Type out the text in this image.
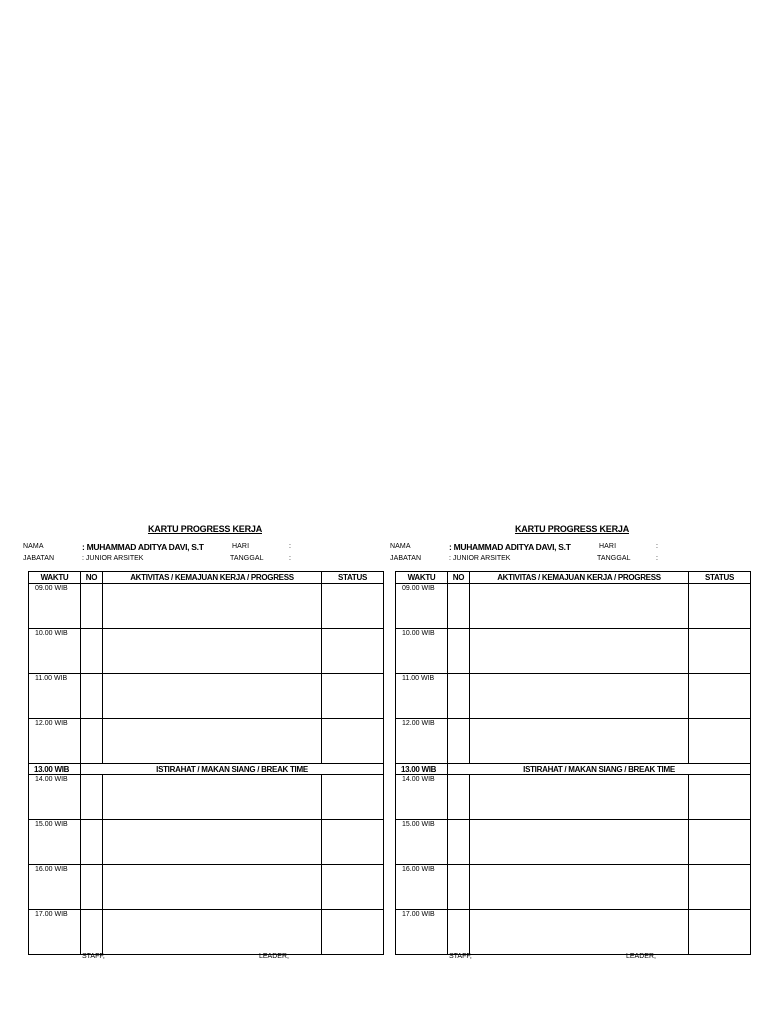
KARTU PROGRESS KERJA
NAMA	: MUHAMMAD ADITYA DAVI, S.T	HARI	:
JABATAN	: JUNIOR ARSITEK	TANGGAL	:
WAKTU	NO	AKTIVITAS / KEMAJUAN KERJA / PROGRESS	STATUS
09.00 WIB			
10.00 WIB			
11.00 WIB			
12.00 WIB			
13.00 WIB	ISTIRAHAT / MAKAN SIANG / BREAK TIME		
14.00 WIB			
15.00 WIB			
16.00 WIB			
17.00 WIB			
STAFF,	LEADER,
KARTU PROGRESS KERJA
NAMA	: MUHAMMAD ADITYA DAVI, S.T	HARI	:
JABATAN	: JUNIOR ARSITEK	TANGGAL	:
WAKTU	NO	AKTIVITAS / KEMAJUAN KERJA / PROGRESS	STATUS
09.00 WIB			
10.00 WIB			
11.00 WIB			
12.00 WIB			
13.00 WIB	ISTIRAHAT / MAKAN SIANG / BREAK TIME		
14.00 WIB			
15.00 WIB			
16.00 WIB			
17.00 WIB			
STAFF,	LEADER,
